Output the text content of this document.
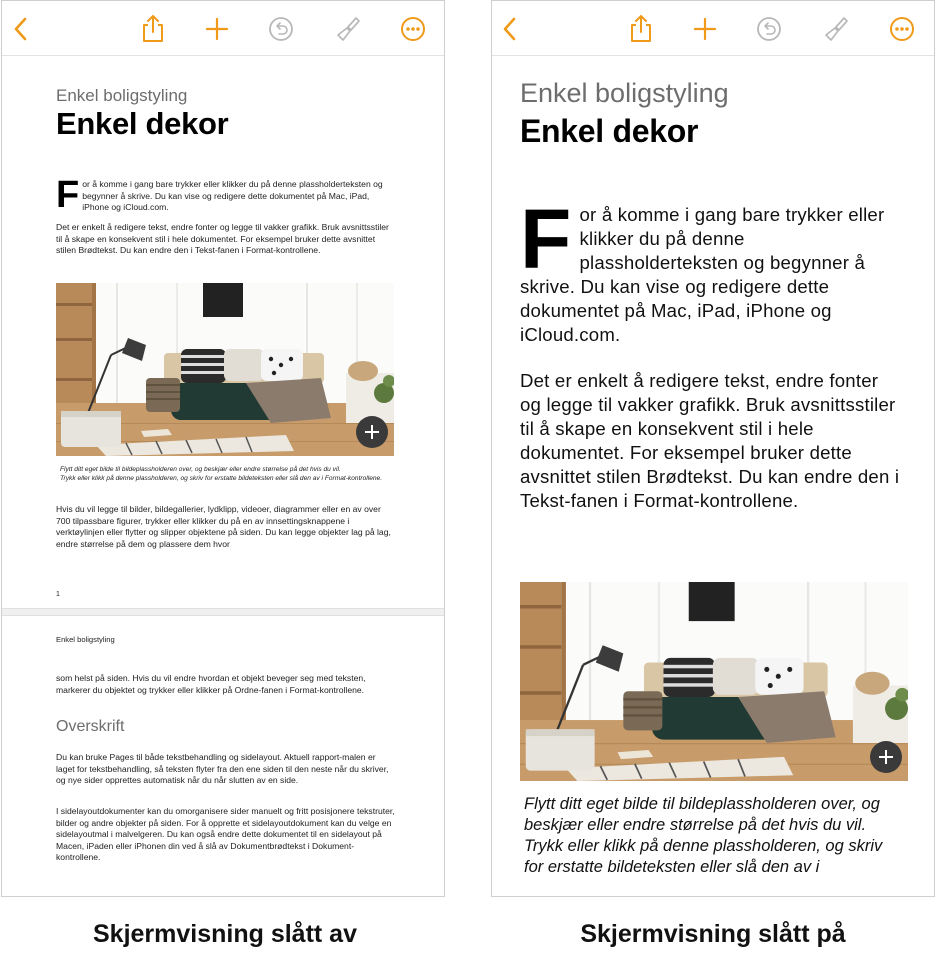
Enkel boligstyling
Enkel dekor
For å komme i gang bare trykker eller klikker du på denne plassholderteksten og begynner å skrive. Du kan vise og redigere dette dokumentet på Mac, iPad, iPhone og iCloud.com.
Det er enkelt å redigere tekst, endre fonter og legge til vakker grafikk. Bruk avsnittsstiler til å skape en konsekvent stil i hele dokumentet. For eksempel bruker dette avsnittet stilen Brødtekst. Du kan endre den i Tekst-fanen i Format-kontrollene.
Flytt ditt eget bilde til bildeplassholderen over, og beskjær eller endre størrelse på det hvis du vil.
Trykk eller klikk på denne plassholderen, og skriv for erstatte bildeteksten eller slå den av i Format-kontrollene.
Hvis du vil legge til bilder, bildegallerier, lydklipp, videoer, diagrammer eller en av over 700 tilpassbare figurer, trykker eller klikker du på en av innsettingsknappene i verktøylinjen eller flytter og slipper objektene på siden. Du kan legge objekter lag på lag, endre størrelse på dem og plassere dem hvor
1
Enkel boligstyling
som helst på siden. Hvis du vil endre hvordan et objekt beveger seg med teksten, markerer du objektet og trykker eller klikker på Ordne-fanen i Format-kontrollene.
Overskrift
Du kan bruke Pages til både tekstbehandling og sidelayout. Aktuell rapport-malen er laget for tekstbehandling, så teksten flyter fra den ene siden til den neste når du skriver, og nye sider opprettes automatisk når du når slutten av en side.
I sidelayoutdokumenter kan du omorganisere sider manuelt og fritt posisjonere tekstruter, bilder og andre objekter på siden. For å opprette et sidelayoutdokument kan du velge en sidelayoutmal i malvelgeren. Du kan også endre dette dokumentet til en sidelayout på Macen, iPaden eller iPhonen din ved å slå av Dokumentbrødtekst i Dokument-kontrollene.
Enkel boligstyling
Enkel dekor
For å komme i gang bare trykker eller klikker du på denne plassholderteksten og begynner å skrive. Du kan vise og redigere dette dokumentet på Mac, iPad, iPhone og iCloud.com.
Det er enkelt å redigere tekst, endre fonter og legge til vakker grafikk. Bruk avsnittsstiler til å skape en konsekvent stil i hele dokumentet. For eksempel bruker dette avsnittet stilen Brødtekst. Du kan endre den i Tekst-fanen i Format-kontrollene.
Flytt ditt eget bilde til bildeplassholderen over, og beskjær eller endre størrelse på det hvis du vil.
Trykk eller klikk på denne plassholderen, og skriv for erstatte bildeteksten eller slå den av i
Skjermvisning slått av	Skjermvisning slått på
